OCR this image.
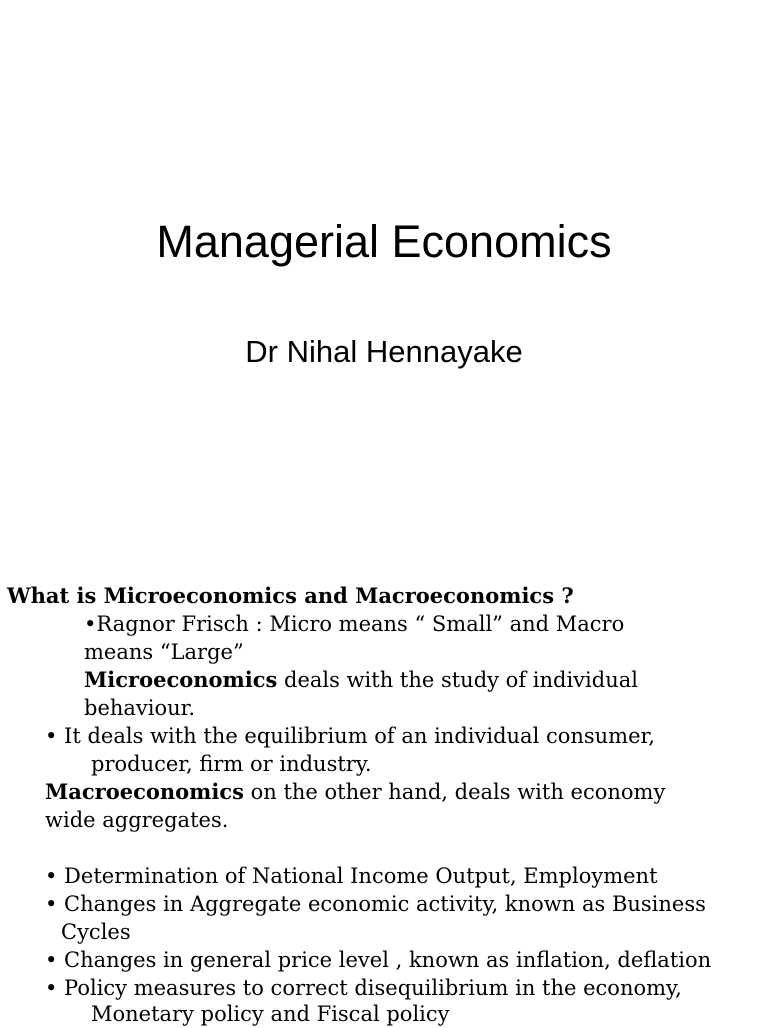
Managerial Economics
Dr Nihal Hennayake
What is Microeconomics and Macroeconomics ?
•Ragnor Frisch : Micro means “ Small” and Macro
means “Large”
Microeconomics deals with the study of individual
behaviour.
• It deals with the equilibrium of an individual consumer,
producer, firm or industry.
Macroeconomics on the other hand, deals with economy
wide aggregates.
• Determination of National Income Output, Employment
• Changes in Aggregate economic activity, known as Business
Cycles
• Changes in general price level , known as inflation, deflation
• Policy measures to correct disequilibrium in the economy,
Monetary policy and Fiscal policy
